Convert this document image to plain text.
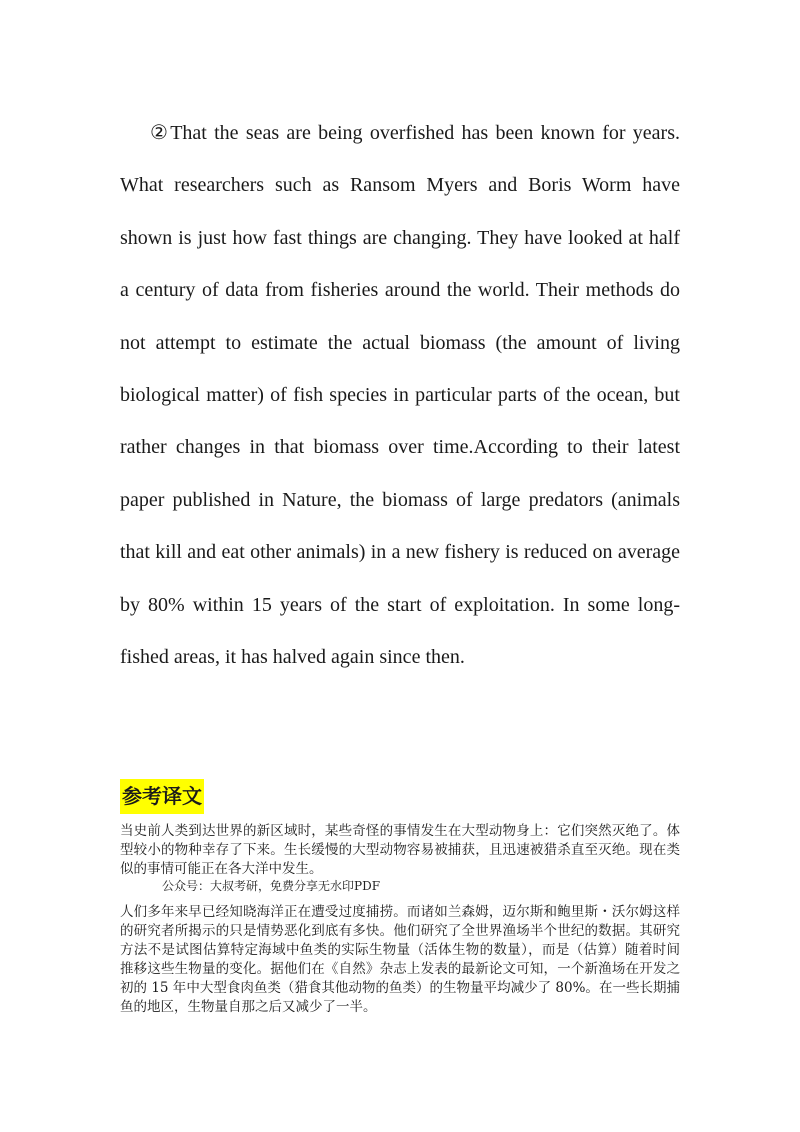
②That the seas are being overfished has been known for years. What researchers such as Ransom Myers and Boris Worm have shown is just how fast things are changing. They have looked at half a century of data from fisheries around the world. Their methods do not attempt to estimate the actual biomass (the amount of living biological matter) of fish species in particular parts of the ocean, but rather changes in that biomass over time.According to their latest paper published in Nature, the biomass of large predators (animals that kill and eat other animals) in a new fishery is reduced on average by 80% within 15 years of the start of exploitation. In some long-fished areas, it has halved again since then.

参考译文

当史前人类到达世界的新区域时，某些奇怪的事情发生在大型动物身上：它们突然灭绝了。体型较小的物种幸存了下来。生长缓慢的大型动物容易被捕获，且迅速被猎杀直至灭绝。现在类似的事情可能正在各大洋中发生。

公众号：大叔考研，免费分享无水印PDF

人们多年来早已经知晓海洋正在遭受过度捕捞。而诸如兰森姆，迈尔斯和鲍里斯・沃尔姆这样的研究者所揭示的只是情势恶化到底有多快。他们研究了全世界渔场半个世纪的数据。其研究方法不是试图估算特定海域中鱼类的实际生物量（活体生物的数量），而是（估算）随着时间推移这些生物量的变化。据他们在《自然》杂志上发表的最新论文可知，一个新渔场在开发之初的 15 年中大型食肉鱼类（猎食其他动物的鱼类）的生物量平均减少了 80%。在一些长期捕鱼的地区，生物量自那之后又减少了一半。
